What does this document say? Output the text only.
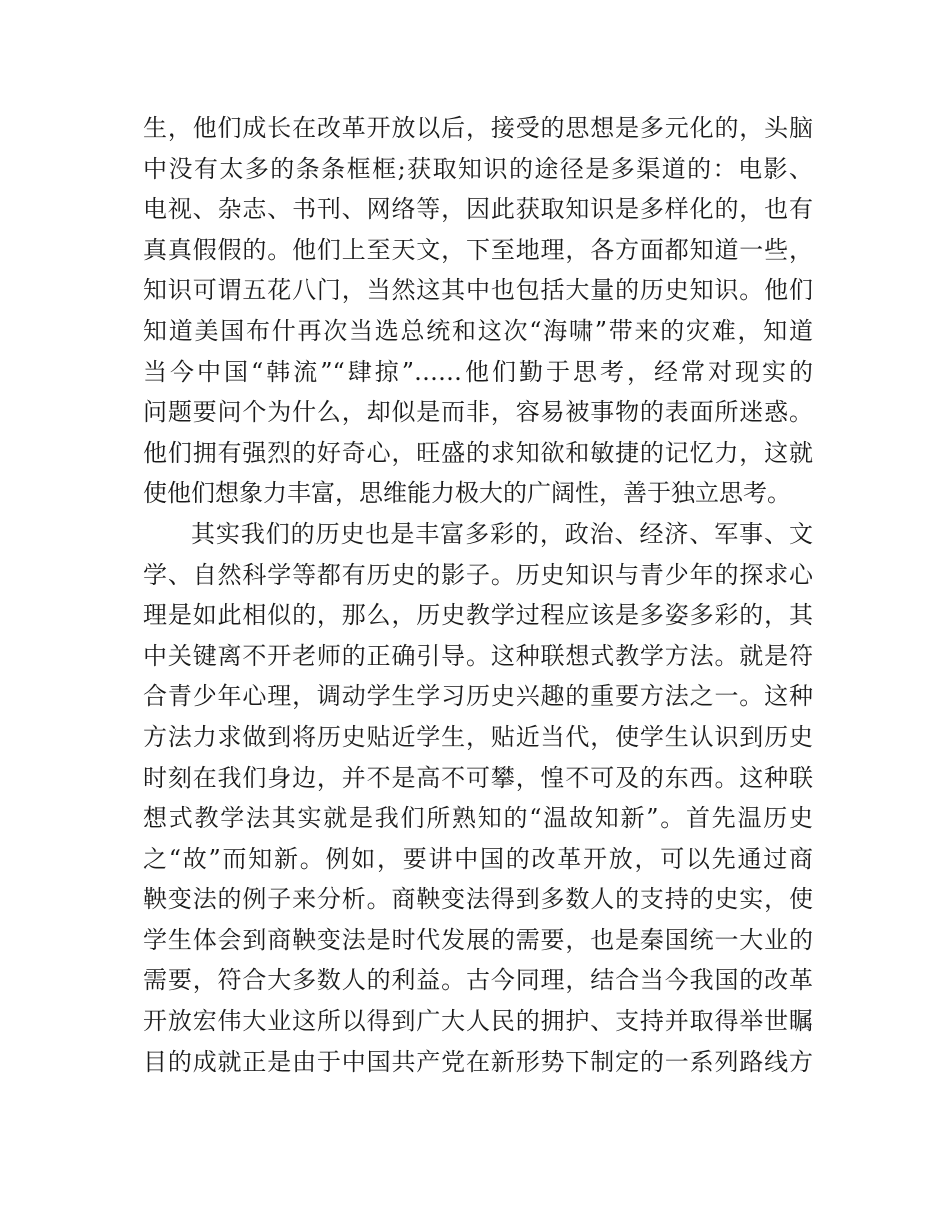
生，他们成长在改革开放以后，接受的思想是多元化的，头脑
中没有太多的条条框框;获取知识的途径是多渠道的：电影、
电视、杂志、书刊、网络等，因此获取知识是多样化的，也有
真真假假的。他们上至天文，下至地理，各方面都知道一些，
知识可谓五花八门，当然这其中也包括大量的历史知识。他们
知道美国布什再次当选总统和这次“海啸”带来的灾难，知道
当今中国“韩流”“肆掠”……他们勤于思考，经常对现实的
问题要问个为什么，却似是而非，容易被事物的表面所迷惑。
他们拥有强烈的好奇心，旺盛的求知欲和敏捷的记忆力，这就
使他们想象力丰富，思维能力极大的广阔性，善于独立思考。
其实我们的历史也是丰富多彩的，政治、经济、军事、文
学、自然科学等都有历史的影子。历史知识与青少年的探求心
理是如此相似的，那么，历史教学过程应该是多姿多彩的，其
中关键离不开老师的正确引导。这种联想式教学方法。就是符
合青少年心理，调动学生学习历史兴趣的重要方法之一。这种
方法力求做到将历史贴近学生，贴近当代，使学生认识到历史
时刻在我们身边，并不是高不可攀，惶不可及的东西。这种联
想式教学法其实就是我们所熟知的“温故知新”。首先温历史
之“故”而知新。例如，要讲中国的改革开放，可以先通过商
鞅变法的例子来分析。商鞅变法得到多数人的支持的史实，使
学生体会到商鞅变法是时代发展的需要，也是秦国统一大业的
需要，符合大多数人的利益。古今同理，结合当今我国的改革
开放宏伟大业这所以得到广大人民的拥护、支持并取得举世瞩
目的成就正是由于中国共产党在新形势下制定的一系列路线方
